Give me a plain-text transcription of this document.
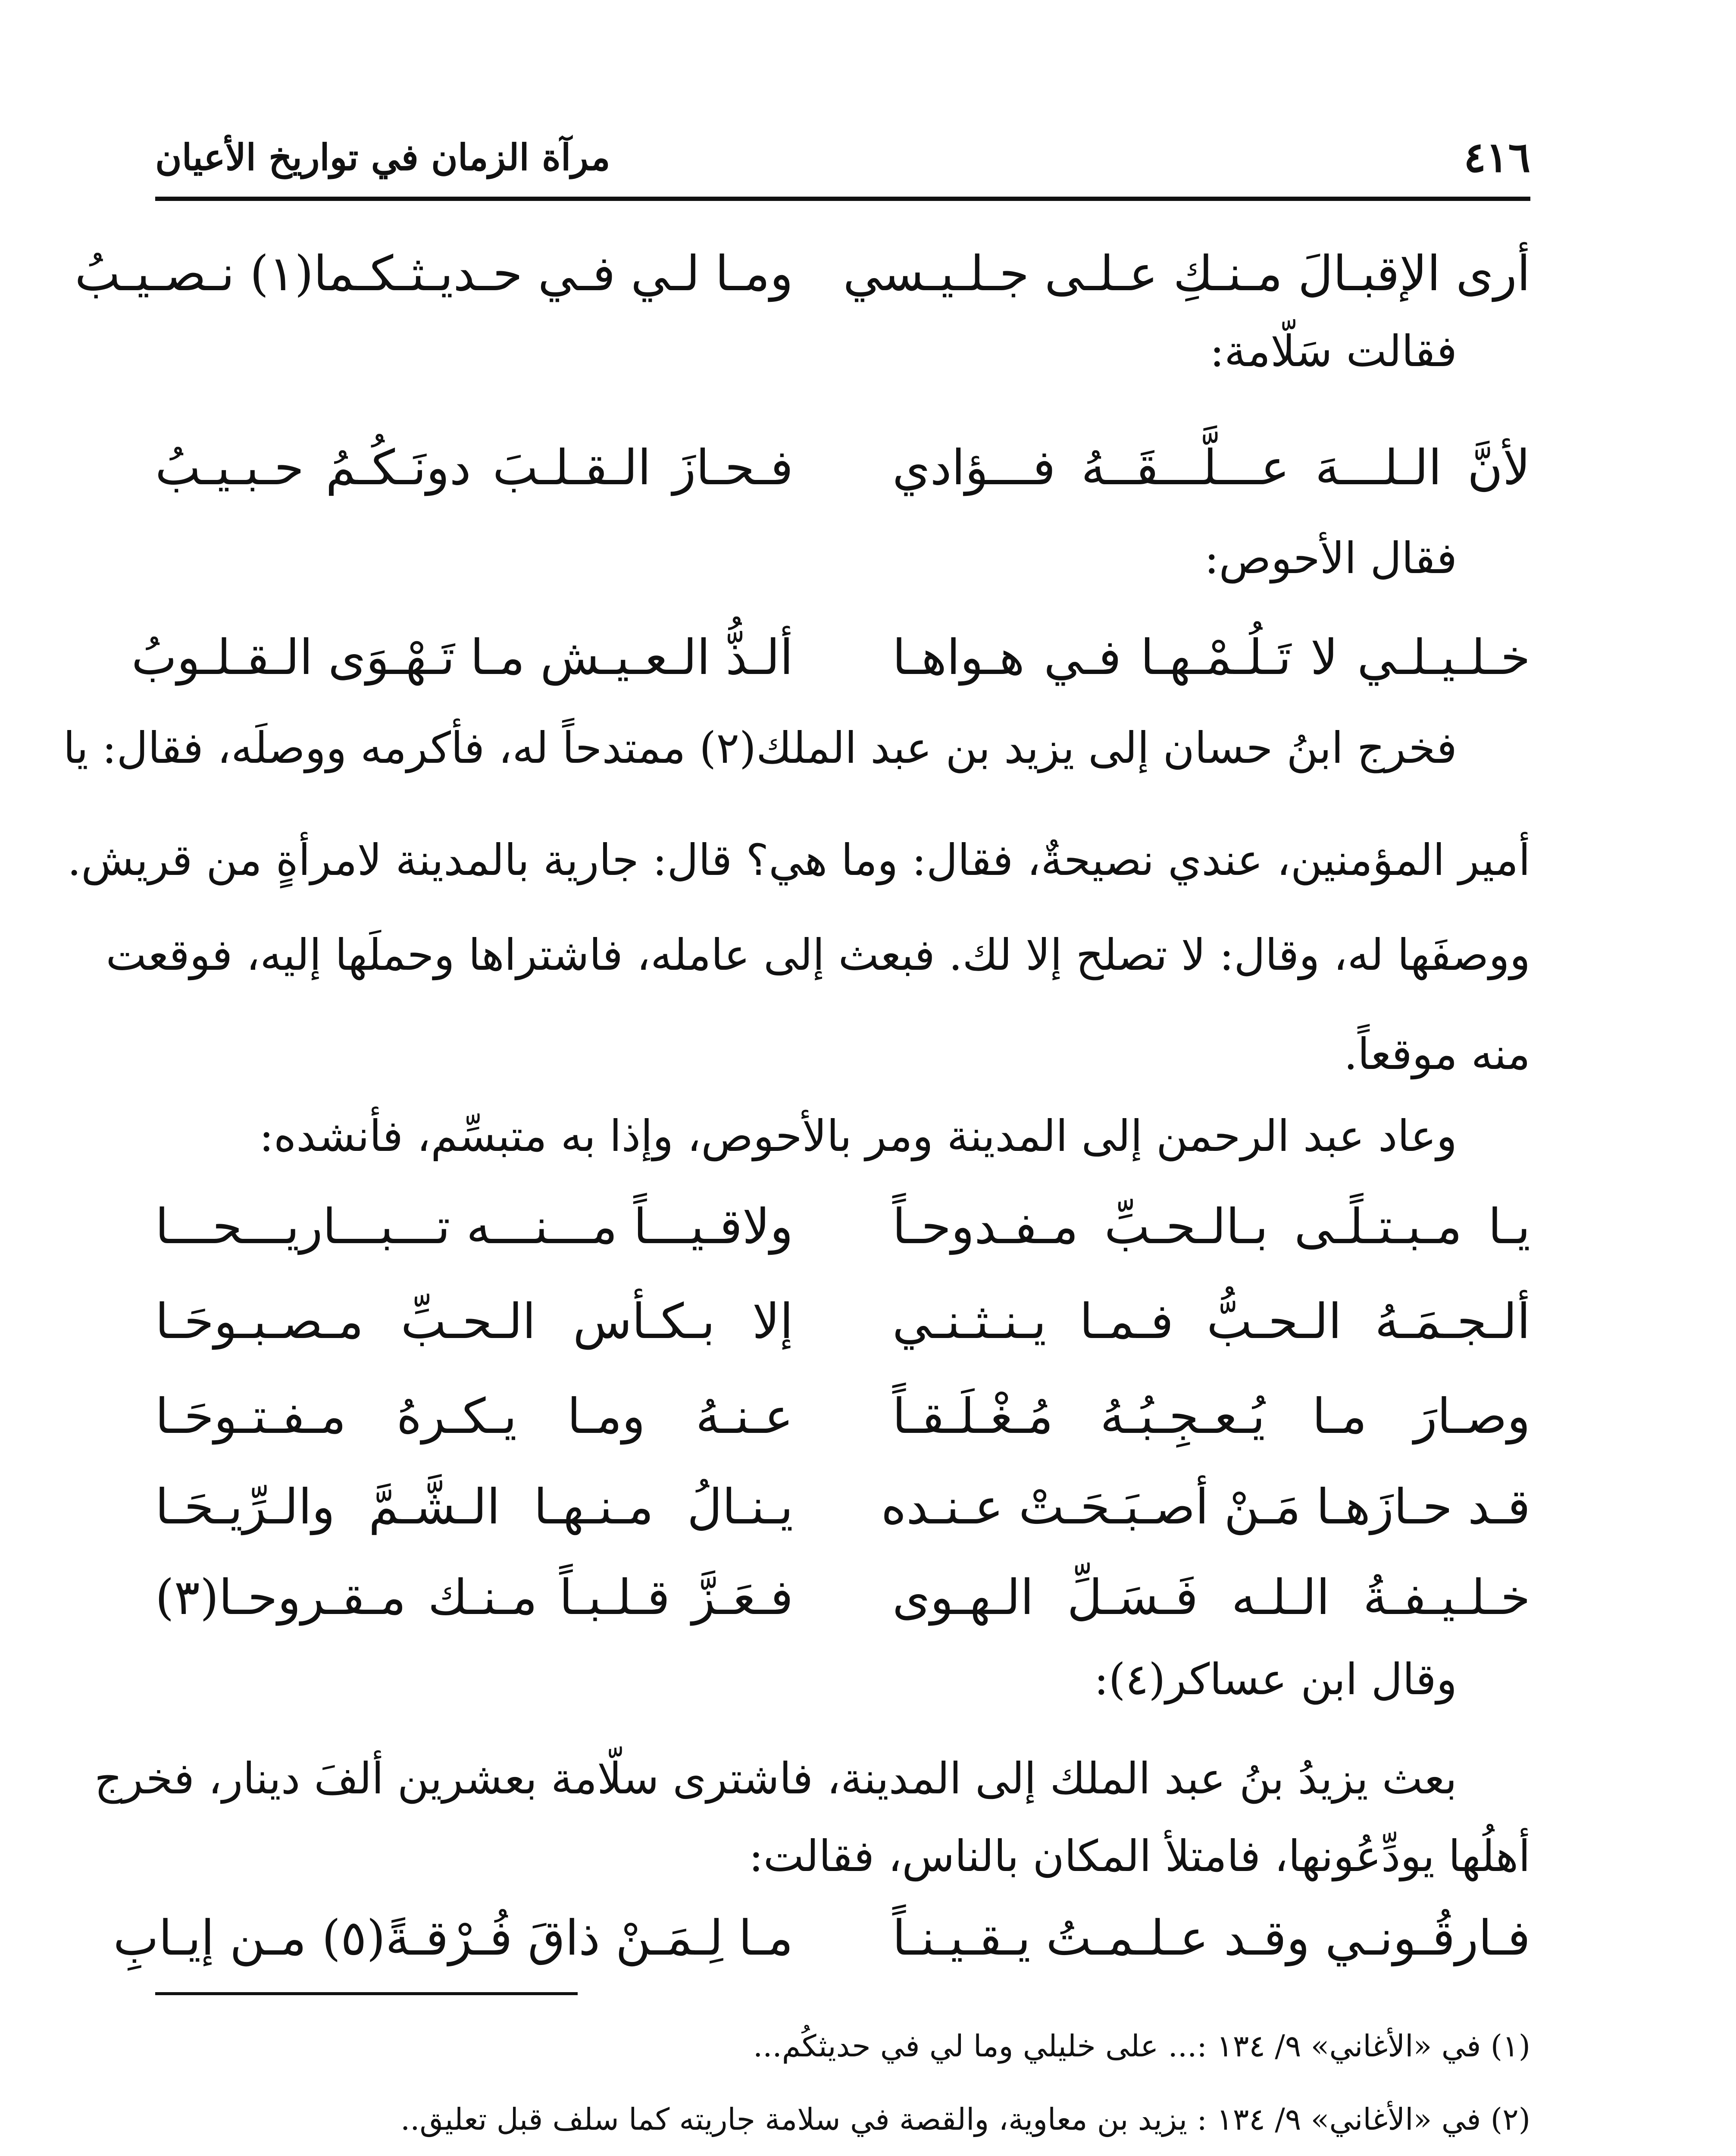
٤١٦
مرآة الزمان في تواريخ الأعيان
أرى الإقبـالَ مـنـكِ عـلـى جـلـيـسي
ومـا لـي فـي حـديـثـكـما(١) نـصـيـبُ
فقالت سَلّامة:
لأنَّ الـلـــهَ عـــلَّـــقَــهُ فـــؤادي
فـحـازَ الـقـلـبَ دونَـكُـمُ حـبـيـبُ
فقال الأحوص:
خـلـيـلـي لا تَـلُـمْـهـا فـي هـواهـا
ألـذُّ الـعـيـش مـا تَـهْـوَى الـقـلـوبُ
فخرج ابنُ حسان إلى يزيد بن عبد الملك(٢) ممتدحاً له، فأكرمه ووصلَه، فقال: يا
أمير المؤمنين، عندي نصيحةٌ، فقال: وما هي؟ قال: جارية بالمدينة لامرأةٍ من قريش.
ووصفَها له، وقال: لا تصلح إلا لك. فبعث إلى عامله، فاشتراها وحملَها إليه، فوقعت
منه موقعاً.
وعاد عبد الرحمن إلى المدينة ومر بالأحوص، وإذا به متبسِّم، فأنشده:
يـا مـبـتـلًـى بـالـحـبِّ مـفـدوحـاً
ولاقـيـــاً مـــنـــه تـــبـــاريـــحـــا
ألـجـمَـهُ الـحـبُّ فـمـا يـنـثـنـي
إلا بـكـأس الـحـبِّ مـصـبـوحَـا
وصـارَ مـا يُـعـجِـبُـهُ مُـغْـلَـقـاً
عـنـهُ ومـا يـكـرهُ مـفـتـوحَـا
قـد حـازَهـا مَـنْ أصـبَـحَـتْ عـنـده
يـنـالُ مـنـهـا الـشَّـمَّ والـرِّيـحَـا
خـلـيـفـةُ الـلـه فَـسَـلِّ الـهـوى
فـعَـزَّ قـلـبـاً مـنـك مـقـروحـا(٣)
وقال ابن عساكر(٤):
بعث يزيدُ بنُ عبد الملك إلى المدينة، فاشترى سلّامة بعشرين ألفَ دينار، فخرج
أهلُها يودِّعُونها، فامتلأ المكان بالناس، فقالت:
فـارقُـونـي وقـد عـلـمـتُ يـقـيـنـاً
مـا لِـمَـنْ ذاقَ فُـرْقـةً(٥) مـن إيـابِ
(١) في «الأغاني» ٩/ ١٣٤ :... على خليلي وما لي في حديثكُم...
(٢) في «الأغاني» ٩/ ١٣٤ : يزيد بن معاوية، والقصة في سلامة جاريته كما سلف قبل تعليق..
